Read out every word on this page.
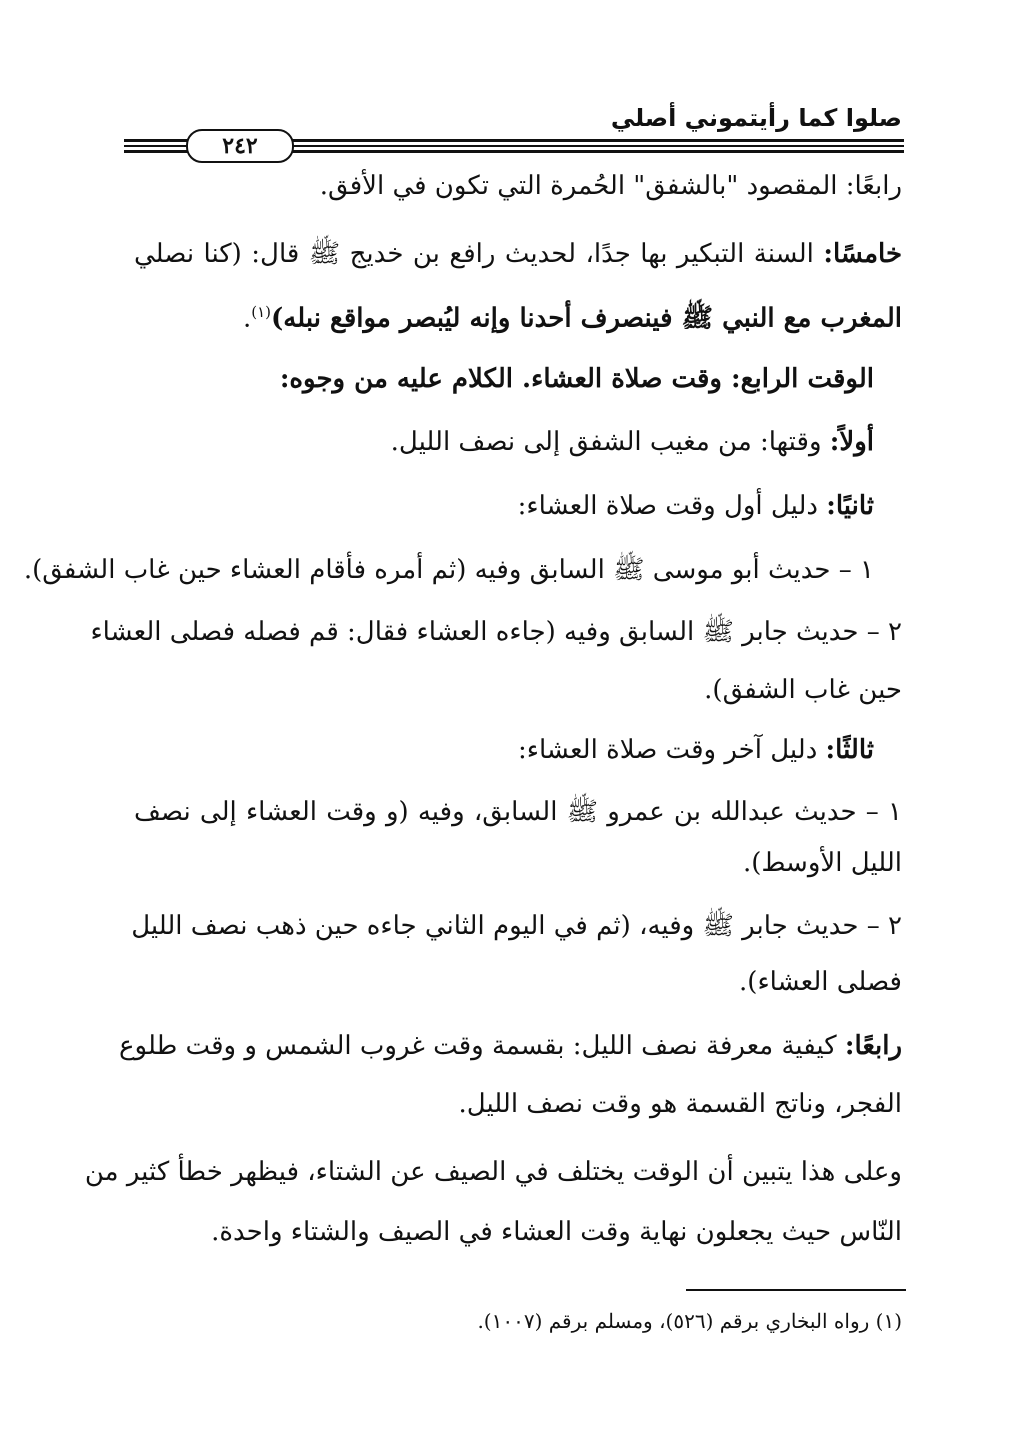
صلوا كما رأيتموني أصلي
٢٤٢
رابعًا: المقصود "بالشفق" الحُمرة التي تكون في الأفق.
خامسًا: السنة التبكير بها جدًا، لحديث رافع بن خديج ﷺ قال: (كنا نصلي
المغرب مع النبي ﷺ فينصرف أحدنا وإنه ليُبصر مواقع نبله)$^{(١)}$.
الوقت الرابع: وقت صلاة العشاء. الكلام عليه من وجوه:
أولاً: وقتها: من مغيب الشفق إلى نصف الليل.
ثانيًا: دليل أول وقت صلاة العشاء:
١ – حديث أبو موسى ﷺ السابق وفيه (ثم أمره فأقام العشاء حين غاب الشفق).
٢ – حديث جابر ﷺ السابق وفيه (جاءه العشاء فقال: قم فصله فصلى العشاء
حين غاب الشفق).
ثالثًا: دليل آخر وقت صلاة العشاء:
١ – حديث عبدالله بن عمرو ﷺ السابق، وفيه (و وقت العشاء إلى نصف
الليل الأوسط).
٢ – حديث جابر ﷺ وفيه، (ثم في اليوم الثاني جاءه حين ذهب نصف الليل
فصلى العشاء).
رابعًا: كيفية معرفة نصف الليل: بقسمة وقت غروب الشمس و وقت طلوع
الفجر، وناتج القسمة هو وقت نصف الليل.
وعلى هذا يتبين أن الوقت يختلف في الصيف عن الشتاء، فيظهر خطأ كثير من
النّاس حيث يجعلون نهاية وقت العشاء في الصيف والشتاء واحدة.
(١) رواه البخاري برقم (٥٢٦)، ومسلم برقم (١٠٠٧).
